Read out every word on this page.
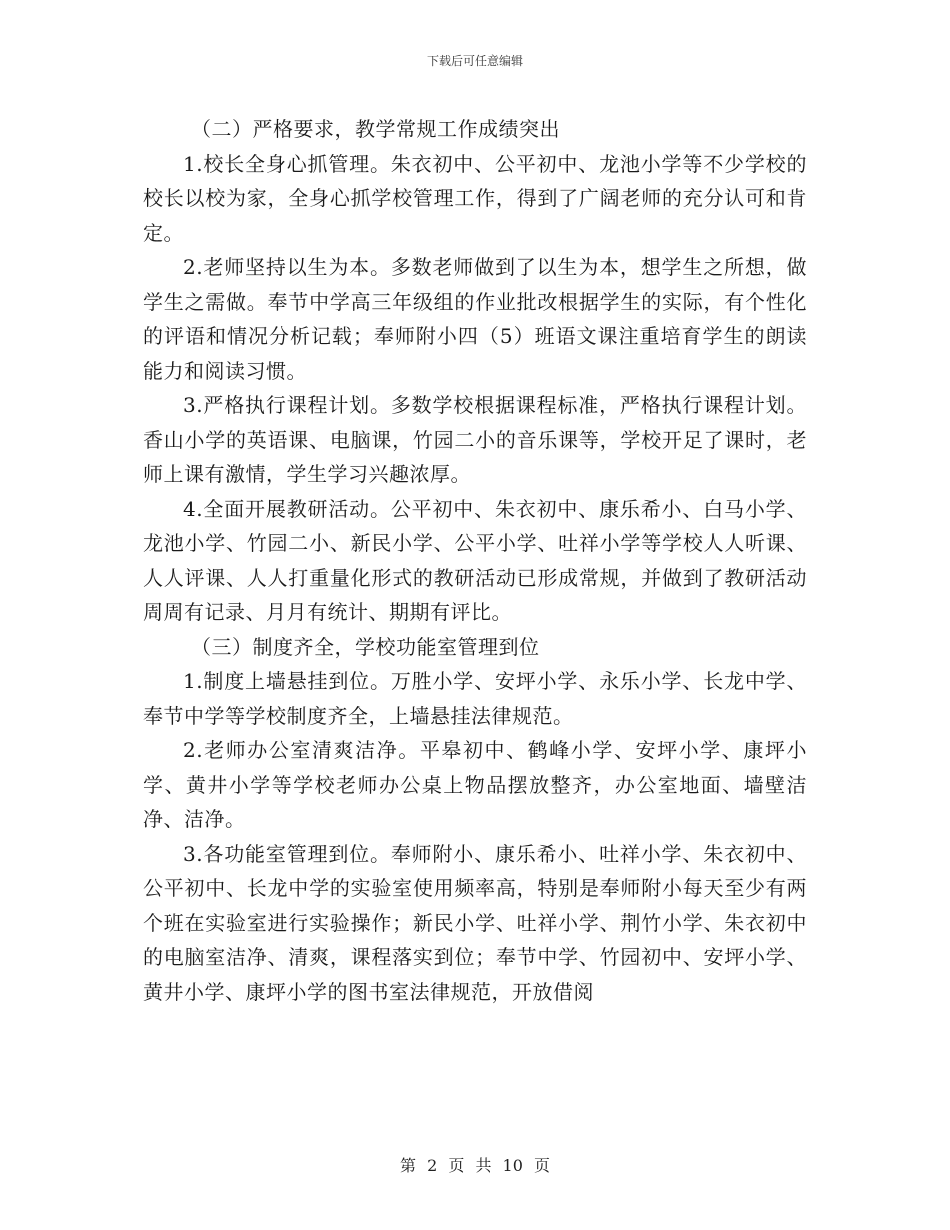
下载后可任意编辑

（二）严格要求，教学常规工作成绩突出

1.校长全身心抓管理。朱衣初中、公平初中、龙池小学等不少学校的校长以校为家，全身心抓学校管理工作，得到了广阔老师的充分认可和肯定。

2.老师坚持以生为本。多数老师做到了以生为本，想学生之所想，做学生之需做。奉节中学高三年级组的作业批改根据学生的实际，有个性化的评语和情况分析记载；奉师附小四（5）班语文课注重培育学生的朗读能力和阅读习惯。

3.严格执行课程计划。多数学校根据课程标准，严格执行课程计划。香山小学的英语课、电脑课，竹园二小的音乐课等，学校开足了课时，老师上课有激情，学生学习兴趣浓厚。

4.全面开展教研活动。公平初中、朱衣初中、康乐希小、白马小学、龙池小学、竹园二小、新民小学、公平小学、吐祥小学等学校人人听课、人人评课、人人打重量化形式的教研活动已形成常规，并做到了教研活动周周有记录、月月有统计、期期有评比。

（三）制度齐全，学校功能室管理到位

1.制度上墙悬挂到位。万胜小学、安坪小学、永乐小学、长龙中学、奉节中学等学校制度齐全，上墙悬挂法律规范。

2.老师办公室清爽洁净。平皋初中、鹤峰小学、安坪小学、康坪小学、黄井小学等学校老师办公桌上物品摆放整齐，办公室地面、墙壁洁净、洁净。

3.各功能室管理到位。奉师附小、康乐希小、吐祥小学、朱衣初中、公平初中、长龙中学的实验室使用频率高，特别是奉师附小每天至少有两个班在实验室进行实验操作；新民小学、吐祥小学、荆竹小学、朱衣初中的电脑室洁净、清爽，课程落实到位；奉节中学、竹园初中、安坪小学、黄井小学、康坪小学的图书室法律规范，开放借阅

第 2 页 共 10 页
